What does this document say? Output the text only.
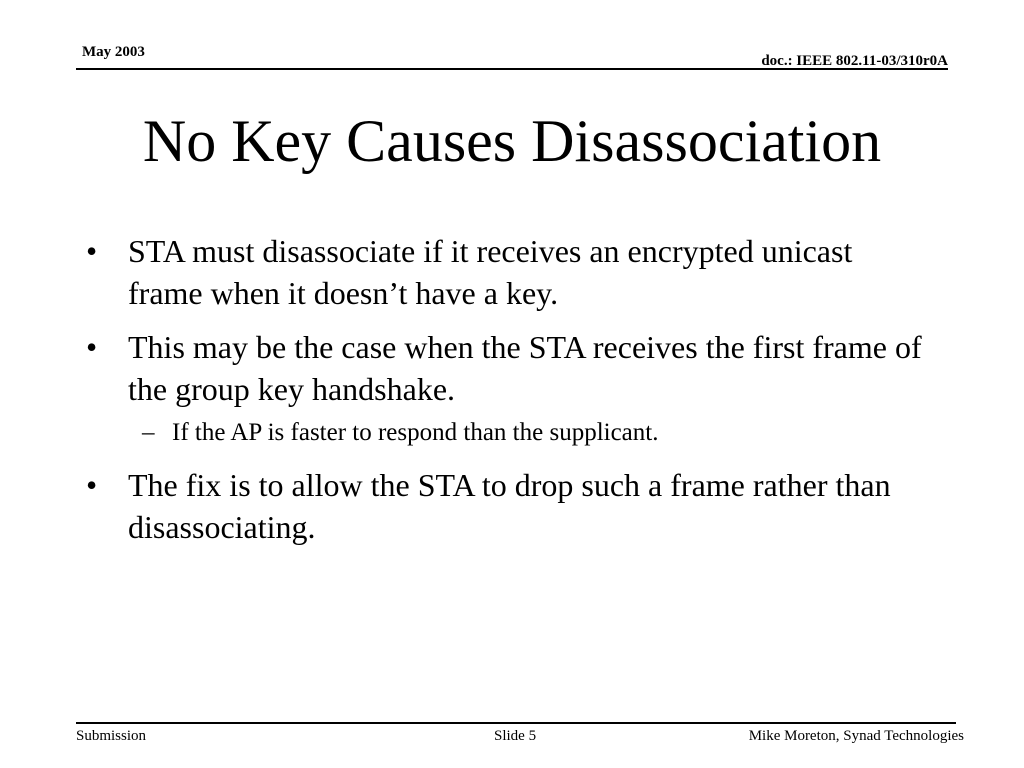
May 2003
doc.: IEEE 802.11-03/310r0A
No Key Causes Disassociation
• STA must disassociate if it receives an encrypted unicast frame when it doesn’t have a key.
• This may be the case when the STA receives the first frame of the group key handshake.
– If the AP is faster to respond than the supplicant.
• The fix is to allow the STA to drop such a frame rather than disassociating.
Submission	Slide 5	Mike Moreton, Synad Technologies
